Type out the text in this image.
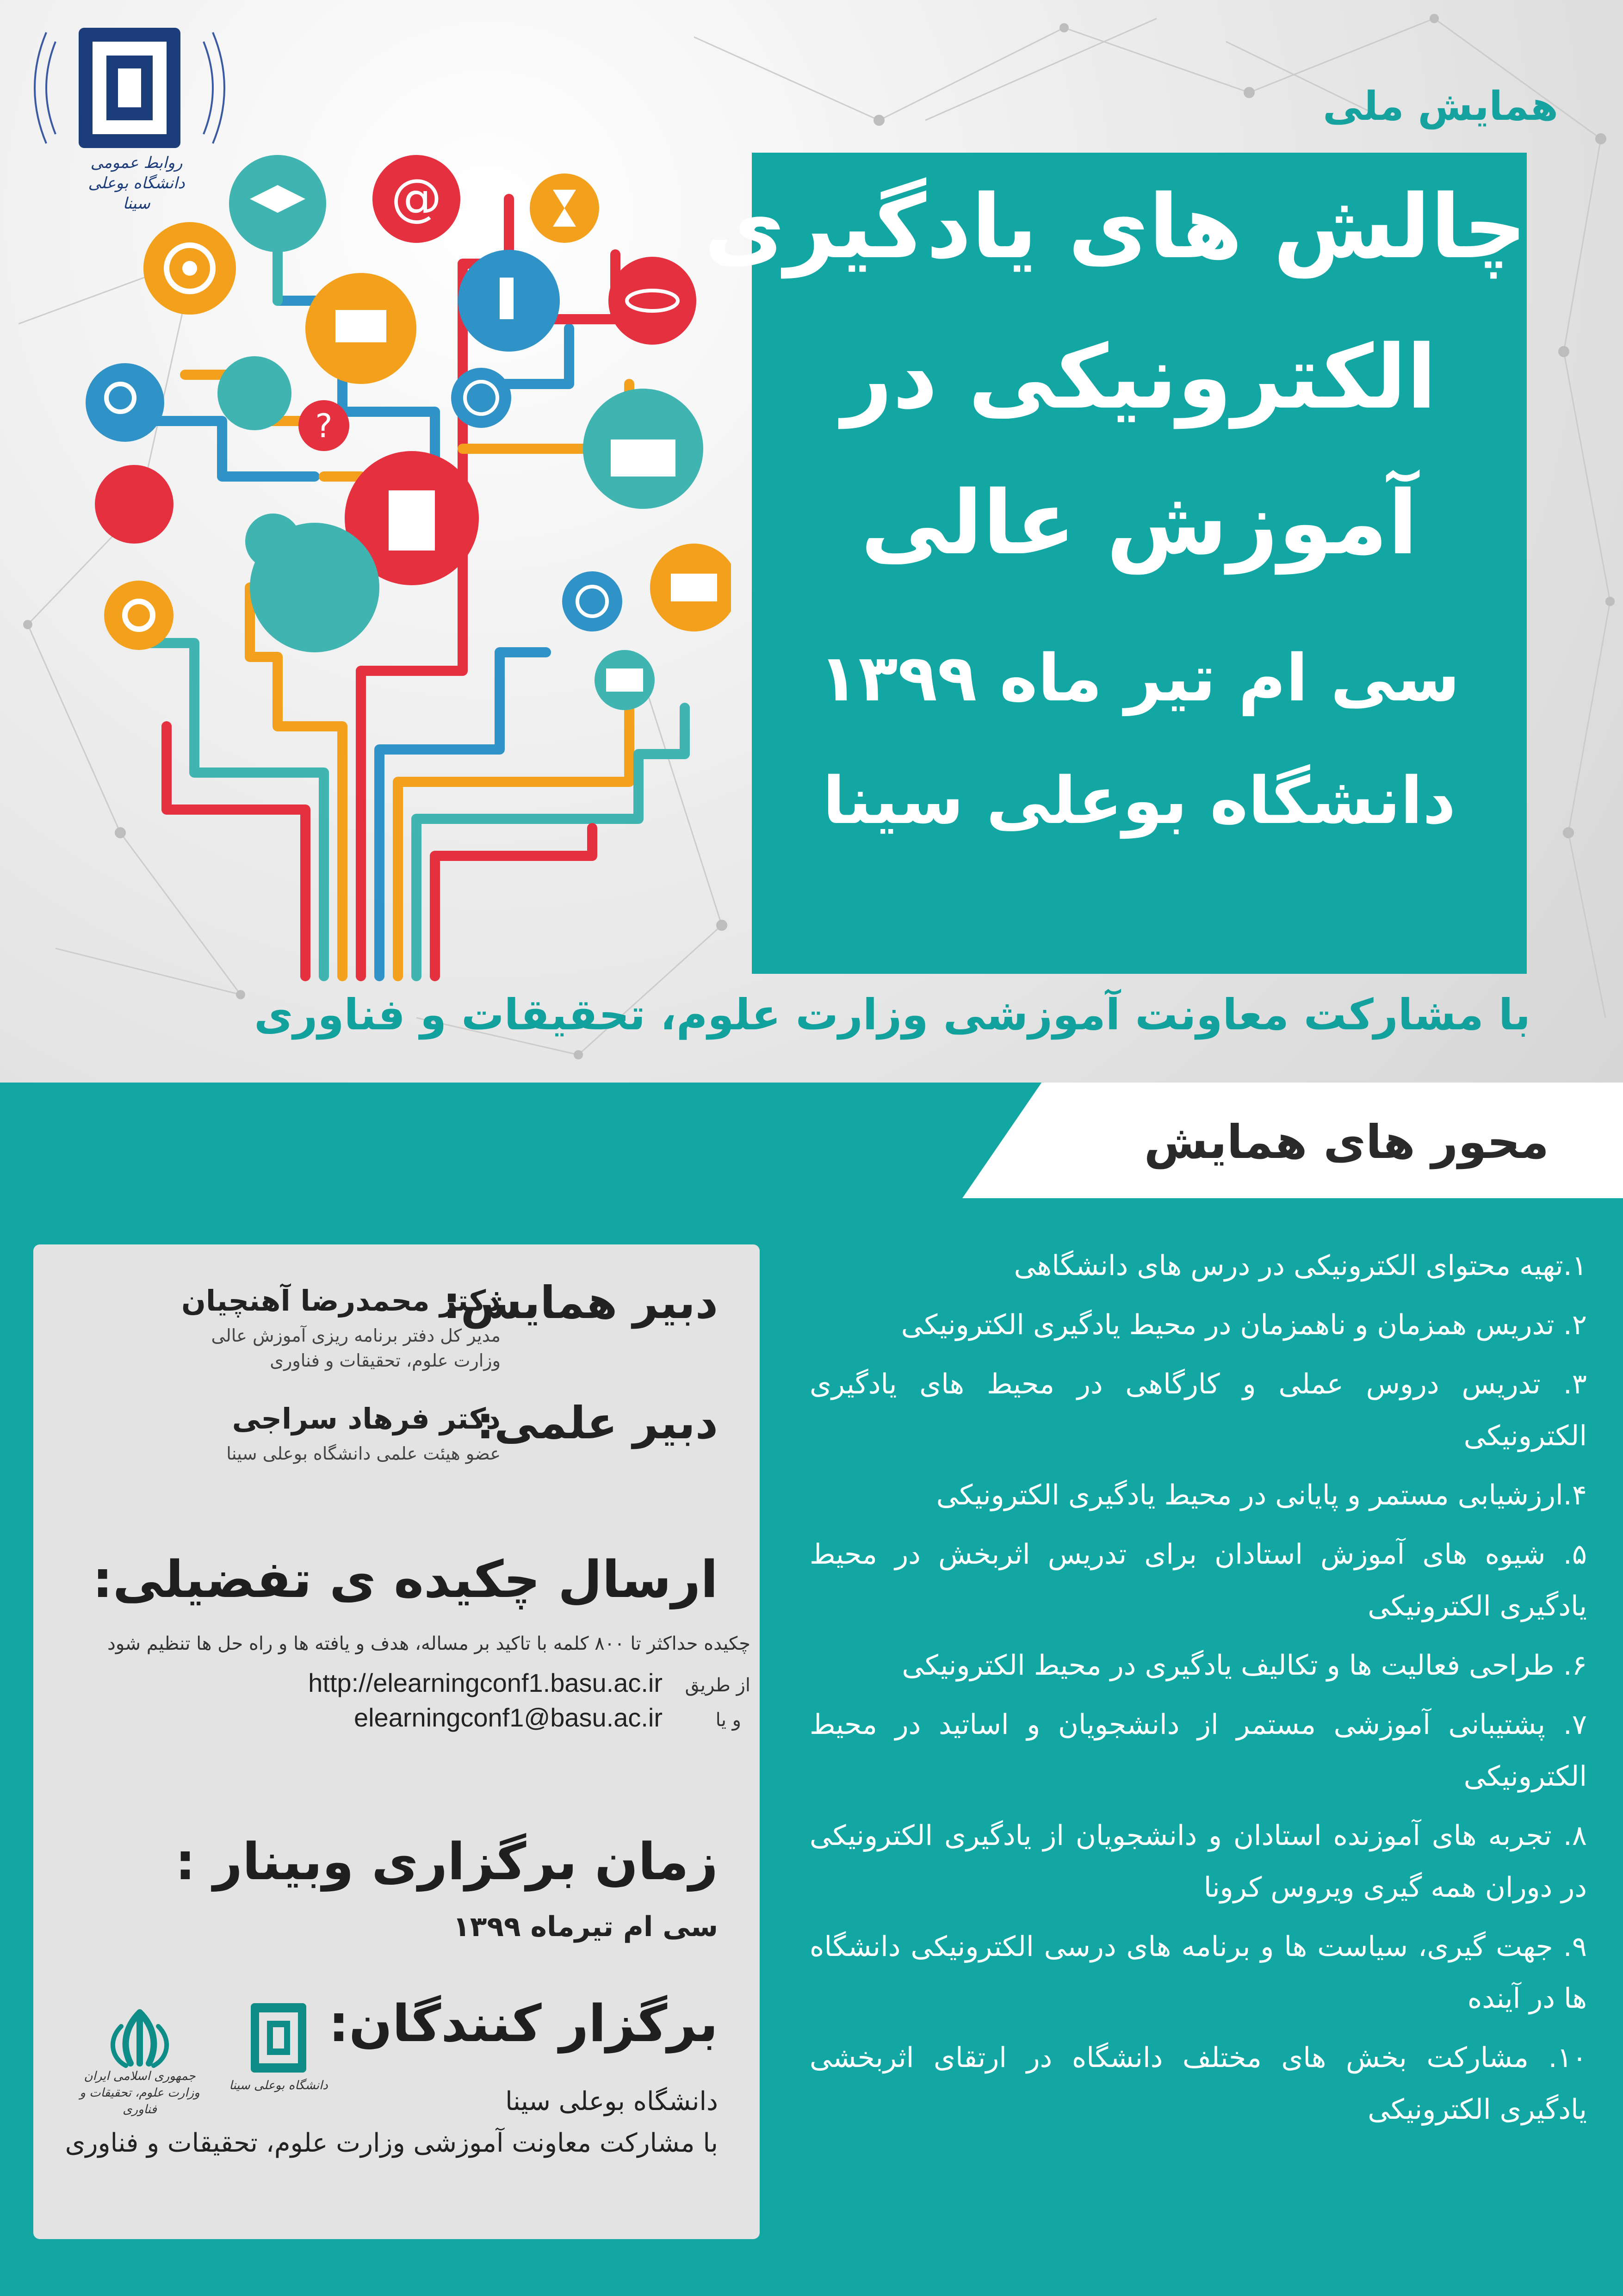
روابط عمومی
دانشگاه بوعلی سینا	@
?
همایش ملی
چالش های یادگیری
الکترونیکی در
آموزش عالی
سی ام تیر ماه ۱۳۹۹
دانشگاه بوعلی سینا
با مشارکت معاونت آموزشی وزارت علوم، تحقیقات و فناوری
محور های همایش
۱.تهیه محتوای الکترونیکی در درس های دانشگاهی
۲. تدریس همزمان و ناهمزمان در محیط یادگیری الکترونیکی
۳. تدریس دروس عملی و کارگاهی در محیط های یادگیری الکترونیکی
۴.ارزشیابی مستمر و پایانی در محیط یادگیری الکترونیکی
۵. شیوه های آموزش استادان برای تدریس اثربخش در محیط یادگیری الکترونیکی
۶. طراحی فعالیت ها و تکالیف یادگیری در محیط الکترونیکی
۷. پشتیبانی آموزشی مستمر از دانشجویان و اساتید در محیط الکترونیکی
۸. تجربه های آموزنده استادان و دانشجویان از یادگیری الکترونیکی در دوران همه گیری ویروس کرونا
۹. جهت گیری، سیاست ها و برنامه های درسی الکترونیکی دانشگاه ها در آینده
۱۰. مشارکت بخش های مختلف دانشگاه در ارتقای اثربخشی یادگیری الکترونیکی
دبیر همایش:
دکتر محمدرضا آهنچیان
مدیر کل دفتر برنامه ریزی آموزش عالی
وزارت علوم، تحقیقات و فناوری
دبیر علمی:
دکتر فرهاد سراجی
عضو هیئت علمی دانشگاه بوعلی سینا
ارسال چکیده ی تفضیلی:
چکیده حداکثر تا ۸۰۰ کلمه با تاکید بر مساله، هدف و یافته ها و راه حل ها تنظیم شود
از طریق
http://elearningconf1.basu.ac.ir
و یا
elearningconf1@basu.ac.ir
زمان برگزاری وبینار :
سی ام تیرماه ۱۳۹۹
برگزار کنندگان:
دانشگاه بوعلی سینا
با مشارکت معاونت آموزشی وزارت علوم، تحقیقات و فناوری
جمهوری اسلامی ایران
وزارت علوم، تحقیقات و فناوری
دانشگاه بوعلی سینا
